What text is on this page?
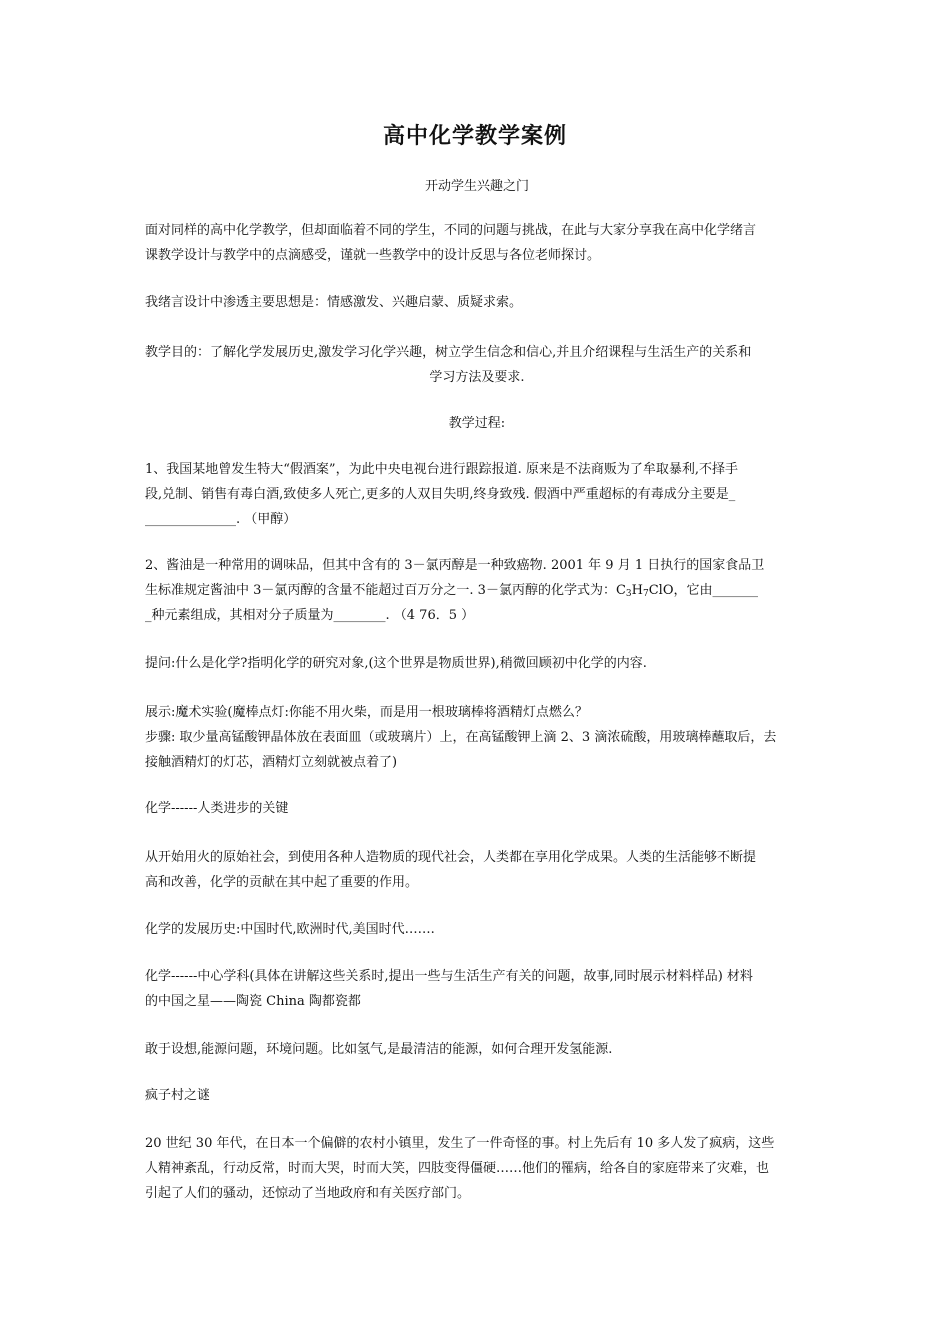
高中化学教学案例
开动学生兴趣之门
面对同样的高中化学教学，但却面临着不同的学生，不同的问题与挑战，在此与大家分享我在高中化学绪言
课教学设计与教学中的点滴感受，谨就一些教学中的设计反思与各位老师探讨。
我绪言设计中渗透主要思想是：情感激发、兴趣启蒙、质疑求索。
教学目的：了解化学发展历史,激发学习化学兴趣，树立学生信念和信心,并且介绍课程与生活生产的关系和
学习方法及要求.
教学过程:
1、我国某地曾发生特大“假酒案”，为此中央电视台进行跟踪报道. 原来是不法商贩为了牟取暴利,不择手
段,兑制、销售有毒白酒,致使多人死亡,更多的人双目失明,终身致残. 假酒中严重超标的有毒成分主要是_
______________. （甲醇）
2、酱油是一种常用的调味品，但其中含有的 3－氯丙醇是一种致癌物. 2001 年 9 月 1 日执行的国家食品卫
生标准规定酱油中 3－氯丙醇的含量不能超过百万分之一. 3－氯丙醇的化学式为：$C_3H_7ClO$，它由_______
_种元素组成，其相对分子质量为________. （4 76．5 ）
提问:什么是化学?指明化学的研究对象,(这个世界是物质世界),稍微回顾初中化学的内容.
展示:魔术实验(魔棒点灯:你能不用火柴，而是用一根玻璃棒将酒精灯点燃么？
步骤: 取少量高锰酸钾晶体放在表面皿（或玻璃片）上，在高锰酸钾上滴 2、3 滴浓硫酸，用玻璃棒蘸取后，去
接触酒精灯的灯芯，酒精灯立刻就被点着了)
化学------人类进步的关键
从开始用火的原始社会，到使用各种人造物质的现代社会，人类都在享用化学成果。人类的生活能够不断提
高和改善，化学的贡献在其中起了重要的作用。
化学的发展历史:中国时代,欧洲时代,美国时代…….
化学------中心学科(具体在讲解这些关系时,提出一些与生活生产有关的问题，故事,同时展示材料样品) 材料
的中国之星——陶瓷 China 陶都瓷都
敢于设想,能源问题，环境问题。比如氢气,是最清洁的能源，如何合理开发氢能源.
疯子村之谜
20 世纪 30 年代，在日本一个偏僻的农村小镇里，发生了一件奇怪的事。村上先后有 10 多人发了疯病，这些
人精神紊乱，行动反常，时而大哭，时而大笑，四肢变得僵硬……他们的罹病，给各自的家庭带来了灾难，也
引起了人们的骚动，还惊动了当地政府和有关医疗部门。
